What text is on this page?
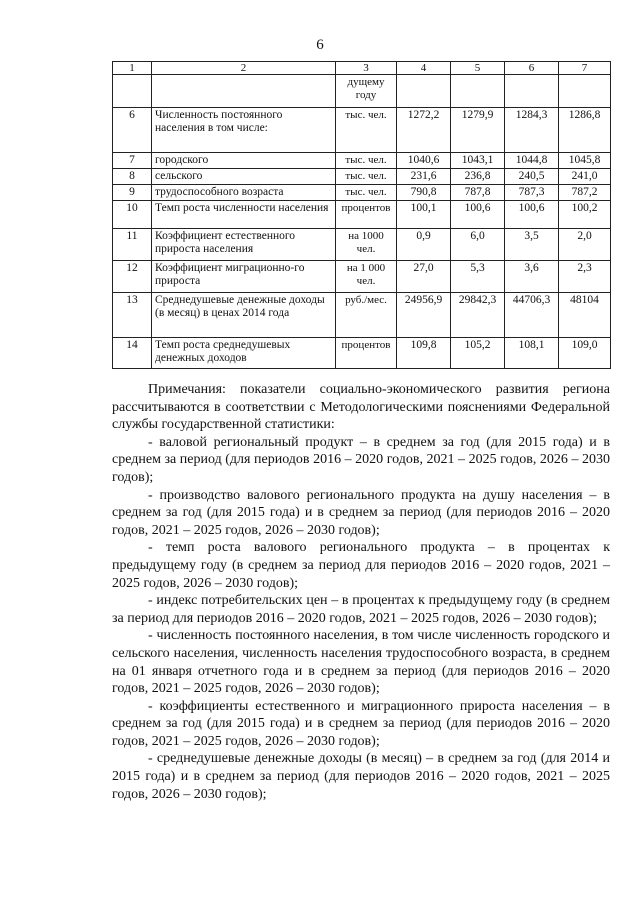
6
1	2	3	4	5	6	7
		дущему году				
6	Численность постоянного населения в том числе:	тыс. чел.	1272,2	1279,9	1284,3	1286,8
7	городского	тыс. чел.	1040,6	1043,1	1044,8	1045,8
8	сельского	тыс. чел.	231,6	236,8	240,5	241,0
9	трудоспособного возраста	тыс. чел.	790,8	787,8	787,3	787,2
10	Темп роста численности населения	процентов	100,1	100,6	100,6	100,2
11	Коэффициент естественного прироста населения	на 1000 чел.	0,9	6,0	3,5	2,0
12	Коэффициент миграционно-го прироста	на 1 000 чел.	27,0	5,3	3,6	2,3
13	Среднедушевые денежные доходы (в месяц) в ценах 2014 года	руб./мес.	24956,9	29842,3	44706,3	48104
14	Темп роста среднедушевых денежных доходов	процентов	109,8	105,2	108,1	109,0

Примечания: показатели социально-экономического развития региона рассчитываются в соответствии с Методологическими пояснениями Федеральной службы государственной статистики:

- валовой региональный продукт – в среднем за год (для 2015 года) и в среднем за период (для периодов 2016 – 2020 годов, 2021 – 2025 годов, 2026 – 2030 годов);

- производство валового регионального продукта на душу населения – в среднем за год (для 2015 года) и в среднем за период (для периодов 2016 – 2020 годов, 2021 – 2025 годов, 2026 – 2030 годов);

- темп роста валового регионального продукта – в процентах к предыдущему году (в среднем за период для периодов 2016 – 2020 годов, 2021 – 2025 годов, 2026 – 2030 годов);

- индекс потребительских цен – в процентах к предыдущему году (в среднем за период для периодов 2016 – 2020 годов, 2021 – 2025 годов, 2026 – 2030 годов);

- численность постоянного населения, в том числе численность городского и сельского населения, численность населения трудоспособного возраста, в среднем на 01 января отчетного года и в среднем за период (для периодов 2016 – 2020 годов, 2021 – 2025 годов, 2026 – 2030 годов);

- коэффициенты естественного и миграционного прироста населения – в среднем за год (для 2015 года) и в среднем за период (для периодов 2016 – 2020 годов, 2021 – 2025 годов, 2026 – 2030 годов);

- среднедушевые денежные доходы (в месяц) – в среднем за год (для 2014 и 2015 года) и в среднем за период (для периодов 2016 – 2020 годов, 2021 – 2025 годов, 2026 – 2030 годов);
